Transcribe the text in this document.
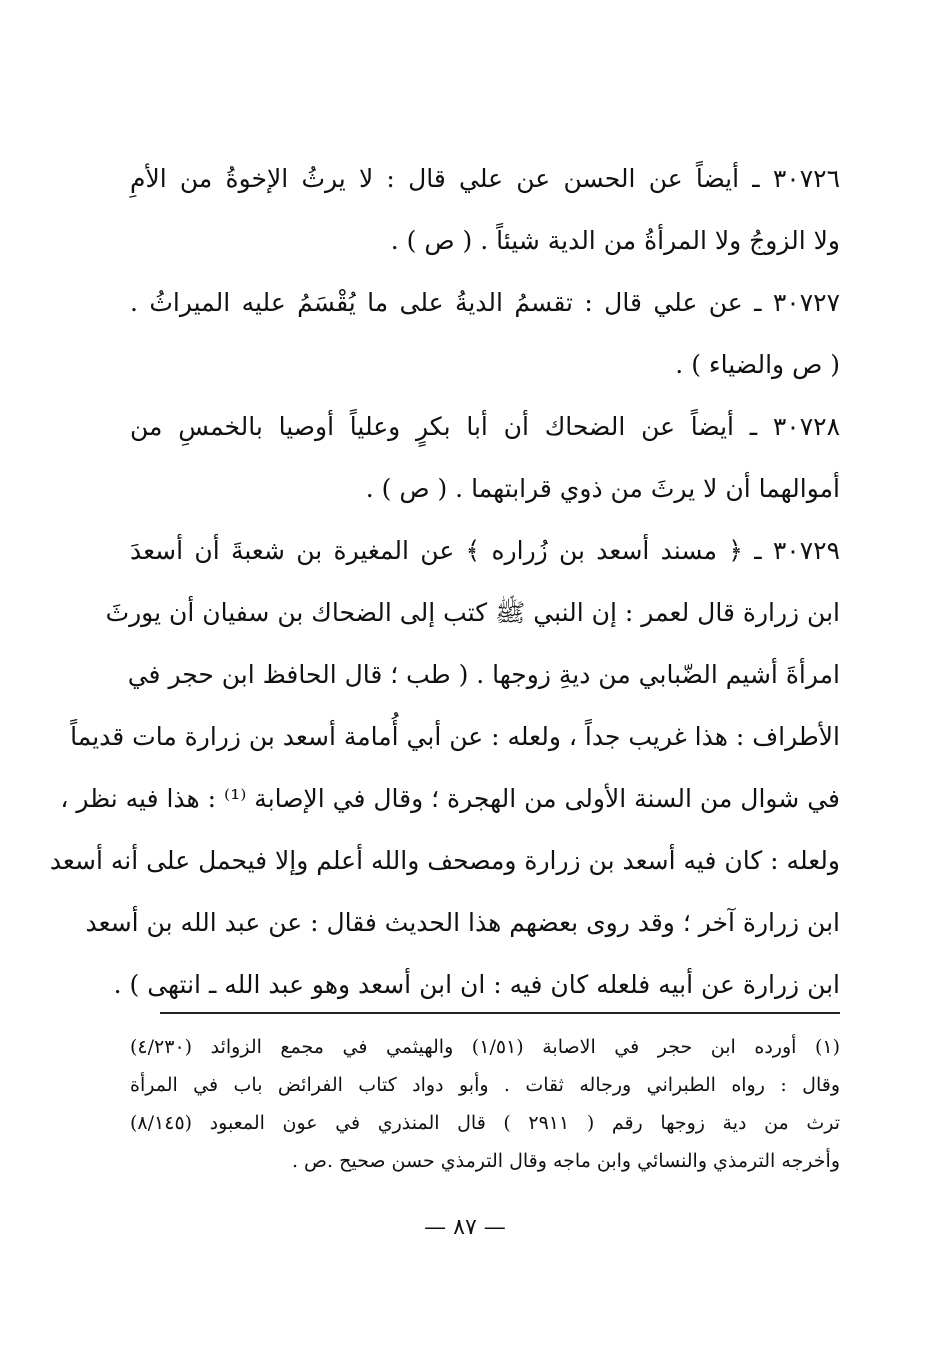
٣٠٧٢٦ ـ أيضاً عن الحسن عن علي قال : لا يرثُ الإخوةُ من الأمِ
ولا الزوجُ ولا المرأةُ من الدية شيئاً . ( ص ) .
٣٠٧٢٧ ـ عن علي قال : تقسمُ الديةُ على ما يُقْسَمُ عليه الميراثُ .
( ص والضياء ) .
٣٠٧٢٨ ـ أيضاً عن الضحاك أن أبا بكرٍ وعلياً أوصيا بالخمسِ من
أموالهما أن لا يرثَ من ذوي قرابتهما . ( ص ) .
٣٠٧٢٩ ـ ﴿ مسند أسعد بن زُراره ﴾ عن المغيرة بن شعبةَ أن أسعدَ
ابن زرارة قال لعمر : إن النبي ﷺ كتب إلى الضحاك بن سفيان أن يورثَ
امرأةَ أشيم الضّبابي من ديةِ زوجها . ( طب ؛ قال الحافظ ابن حجر في
الأطراف : هذا غريب جداً ، ولعله : عن أبي أُمامة أسعد بن زرارة مات قديماً
في شوال من السنة الأولى من الهجرة ؛ وقال في الإصابة ⁽¹⁾ : هذا فيه نظر ،
ولعله : كان فيه أسعد بن زرارة ومصحف والله أعلم وإلا فيحمل على أنه أسعد
ابن زرارة آخر ؛ وقد روى بعضهم هذا الحديث فقال : عن عبد الله بن أسعد
ابن زرارة عن أبيه فلعله كان فيه : ان ابن أسعد وهو عبد الله ـ انتهى ) .
(١) أورده ابن حجر في الاصابة (١/٥١) والهيثمي في مجمع الزوائد (٤/٢٣٠)
وقال : رواه الطبراني ورجاله ثقات . وأبو دواد كتاب الفرائض باب في المرأة
ترث من دية زوجها رقم ( ٢٩١١ ) قال المنذري في عون المعبود (٨/١٤٥)
وأخرجه الترمذي والنسائي وابن ماجه وقال الترمذي حسن صحيح .ص .
— ٨٧ —
